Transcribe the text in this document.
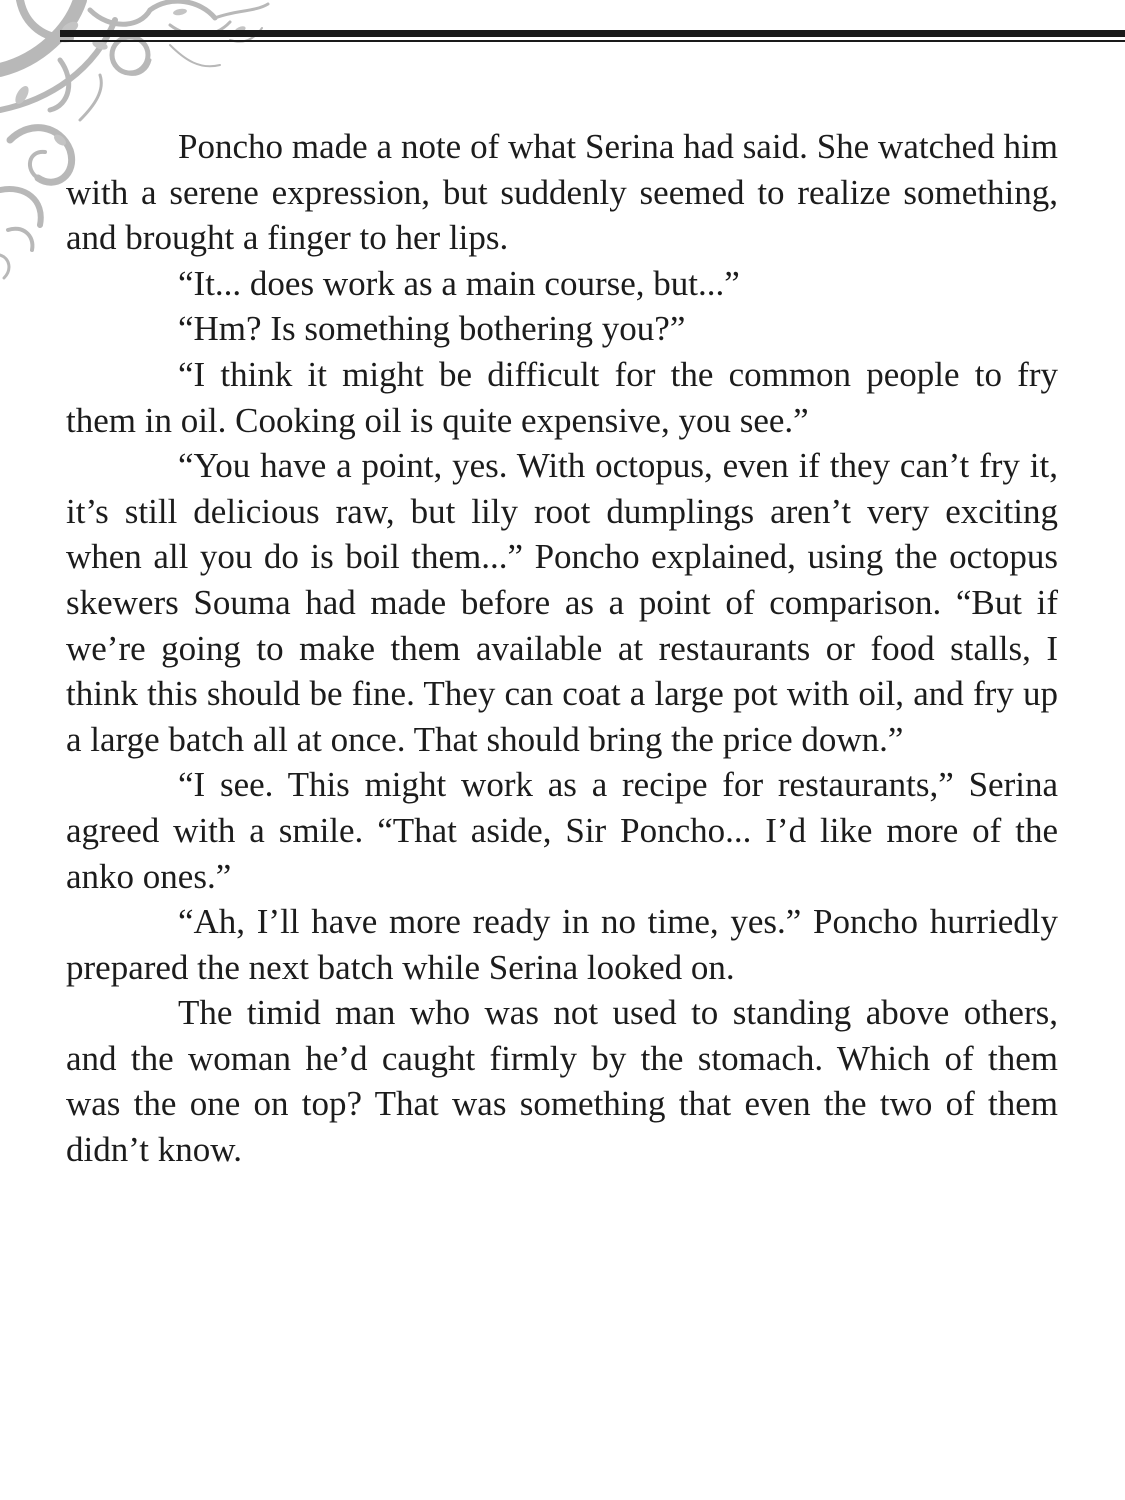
Poncho made a note of what Serina had said. She watched him with a serene expression, but suddenly seemed to realize something, and brought a finger to her lips.

“It... does work as a main course, but...”

“Hm? Is something bothering you?”

“I think it might be difficult for the common people to fry them in oil. Cooking oil is quite expensive, you see.”

“You have a point, yes. With octopus, even if they can’t fry it, it’s still delicious raw, but lily root dumplings aren’t very exciting when all you do is boil them...” Poncho explained, using the octopus skewers Souma had made before as a point of comparison. “But if we’re going to make them available at restaurants or food stalls, I think this should be fine. They can coat a large pot with oil, and fry up a large batch all at once. That should bring the price down.”

“I see. This might work as a recipe for restaurants,” Serina agreed with a smile. “That aside, Sir Poncho... I’d like more of the anko ones.”

“Ah, I’ll have more ready in no time, yes.” Poncho hurriedly prepared the next batch while Serina looked on.

The timid man who was not used to standing above others, and the woman he’d caught firmly by the stomach. Which of them was the one on top? That was something that even the two of them didn’t know.
